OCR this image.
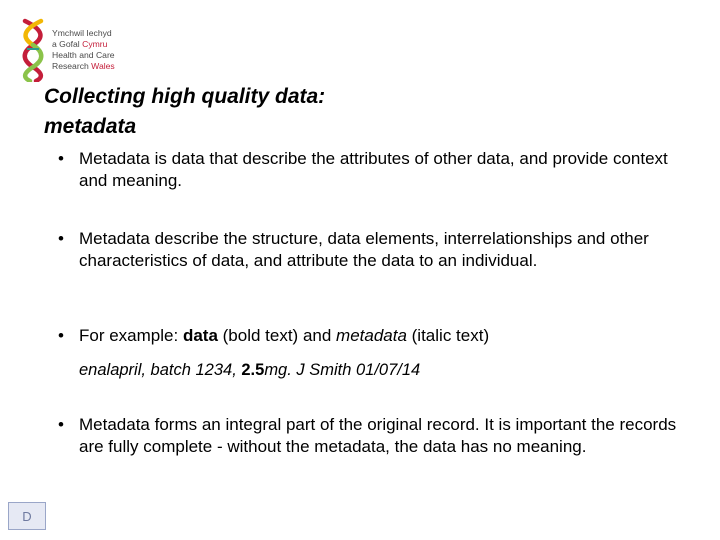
Ymchwil Iechyd
a Gofal Cymru
Health and Care
Research Wales
Collecting high quality data:
metadata
• Metadata is data that describe the attributes of other data, and provide context and meaning.
• Metadata describe the structure, data elements, interrelationships and other characteristics of data, and attribute the data to an individual.
• For example: data (bold text) and metadata (italic text)
• Metadata forms an integral part of the original record. It is important the records are fully complete - without the metadata, the data has no meaning.
enalapril, batch 1234, 2.5mg. J Smith 01/07/14
D
